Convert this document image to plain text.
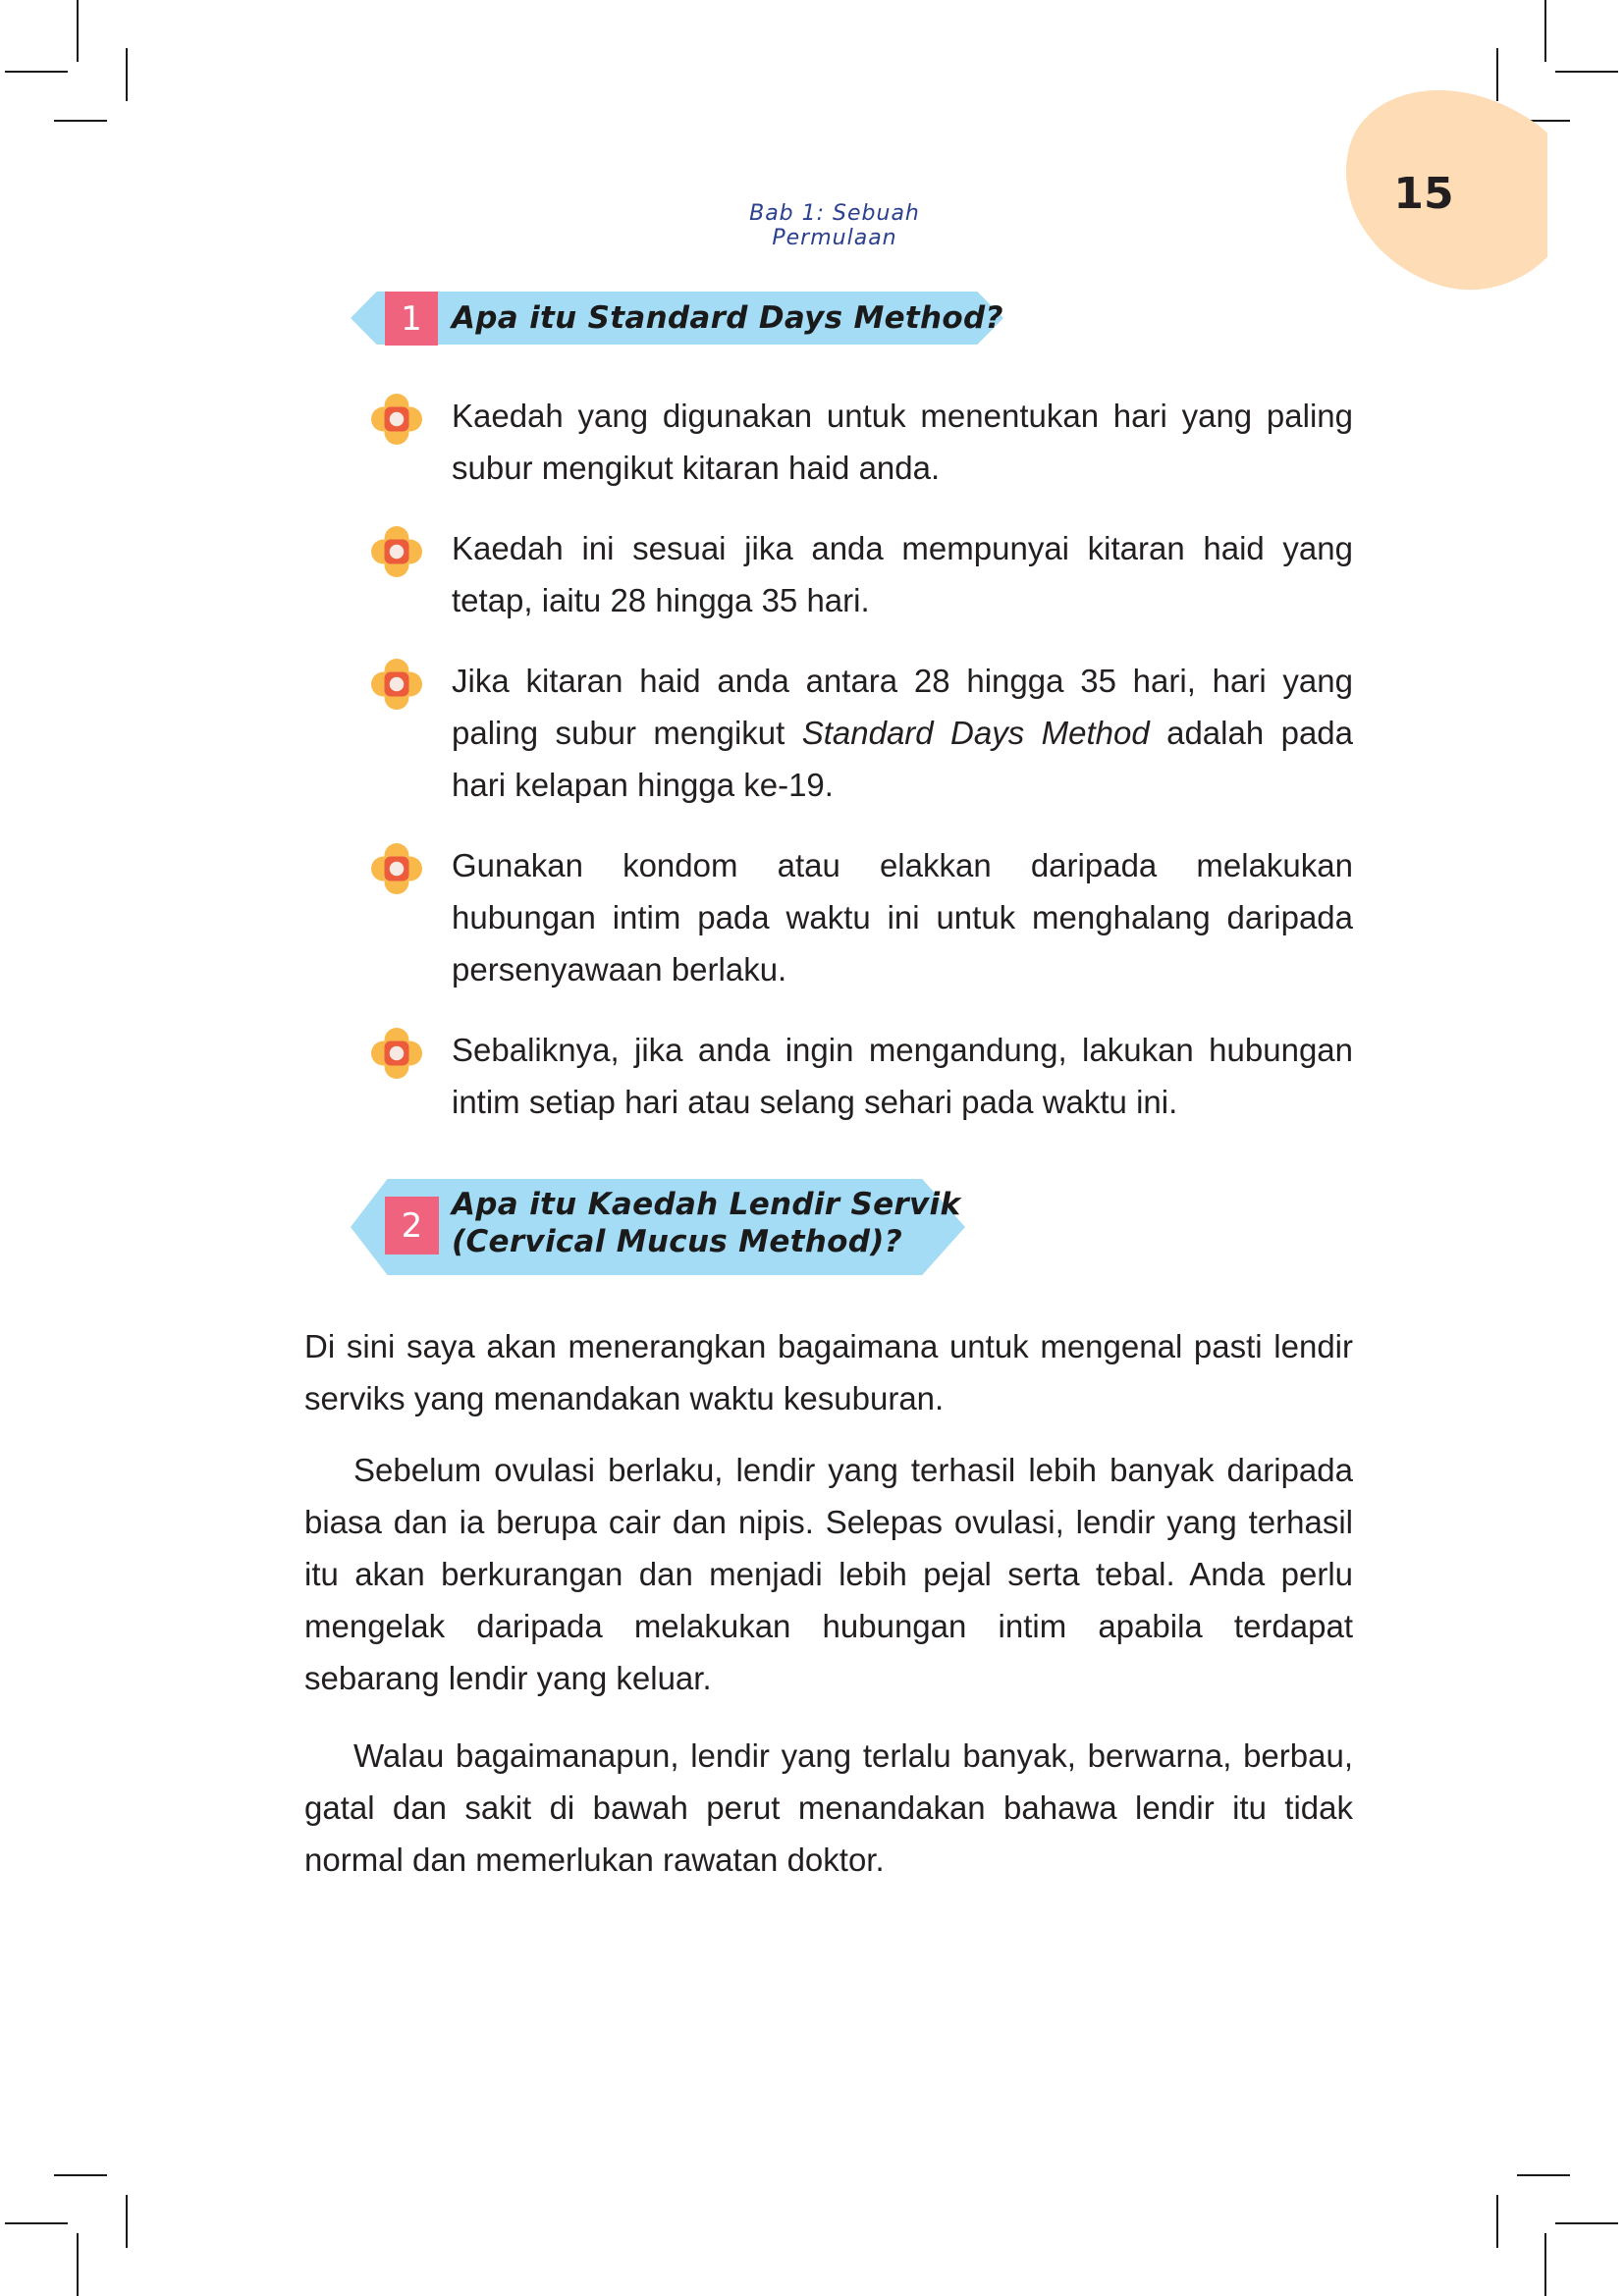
15
Bab 1: Sebuah Permulaan
1 Apa itu Standard Days Method?
Kaedah yang digunakan untuk menentukan hari yang paling subur mengikut kitaran haid anda.
Kaedah ini sesuai jika anda mempunyai kitaran haid yang tetap, iaitu 28 hingga 35 hari.
Jika kitaran haid anda antara 28 hingga 35 hari, hari yang paling subur mengikut Standard Days Method adalah pada hari kelapan hingga ke-19.
Gunakan kondom atau elakkan daripada melakukan hubungan intim pada waktu ini untuk menghalang daripada persenyawaan berlaku.
Sebaliknya, jika anda ingin mengandung, lakukan hubungan intim setiap hari atau selang sehari pada waktu ini.
2
Apa itu Kaedah Lendir Servik
(Cervical Mucus Method)?
Di sini saya akan menerangkan bagaimana untuk mengenal pasti lendir serviks yang menandakan waktu kesuburan.
Sebelum ovulasi berlaku, lendir yang terhasil lebih banyak daripada biasa dan ia berupa cair dan nipis. Selepas ovulasi, lendir yang terhasil itu akan berkurangan dan menjadi lebih pejal serta tebal. Anda perlu mengelak daripada melakukan hubungan intim apabila terdapat sebarang lendir yang keluar.
Walau bagaimanapun, lendir yang terlalu banyak, berwarna, berbau, gatal dan sakit di bawah perut menandakan bahawa lendir itu tidak normal dan memerlukan rawatan doktor.
